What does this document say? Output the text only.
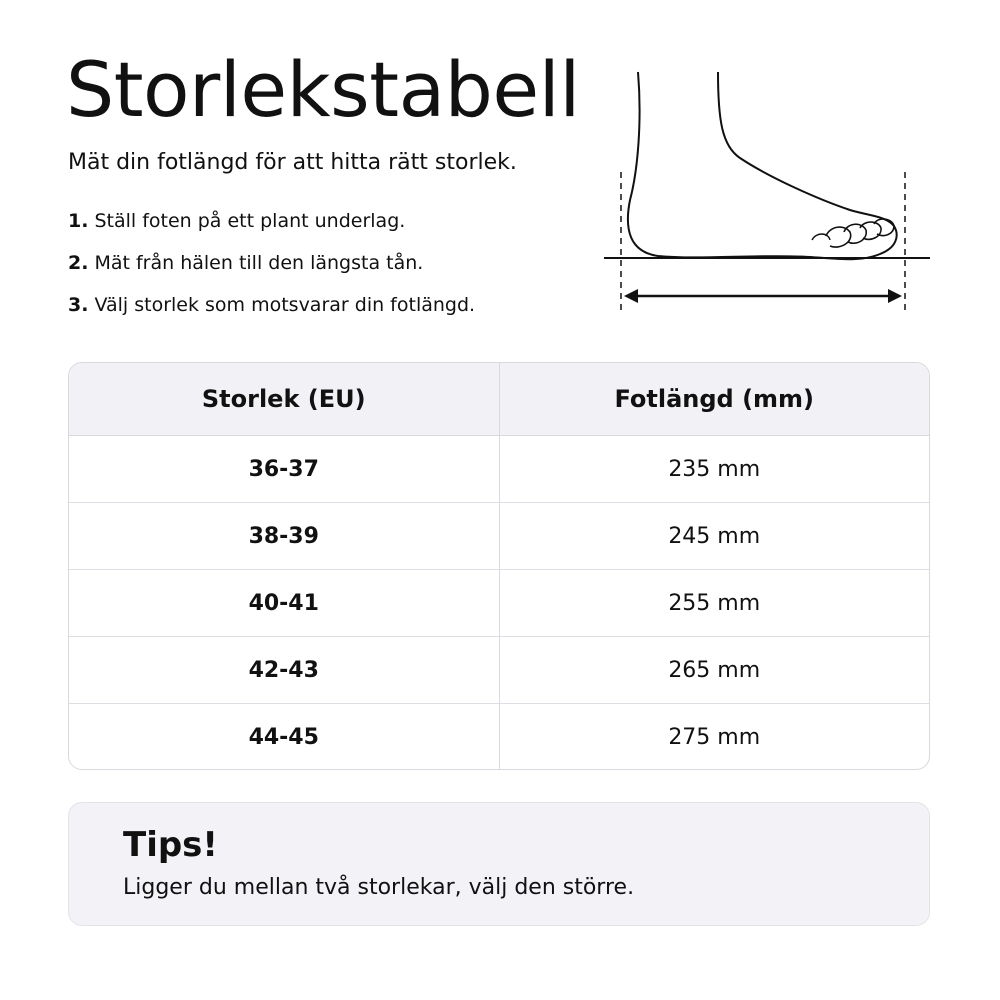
Storlekstabell

Mät din fotlängd för att hitta rätt storlek.

1. Ställ foten på ett plant underlag.
2. Mät från hälen till den längsta tån.
3. Välj storlek som motsvarar din fotlängd.
Storlek (EU)	Fotlängd (mm)
36-37	235 mm
38-39	245 mm
40-41	255 mm
42-43	265 mm
44-45	275 mm
Tips!

Ligger du mellan två storlekar, välj den större.
